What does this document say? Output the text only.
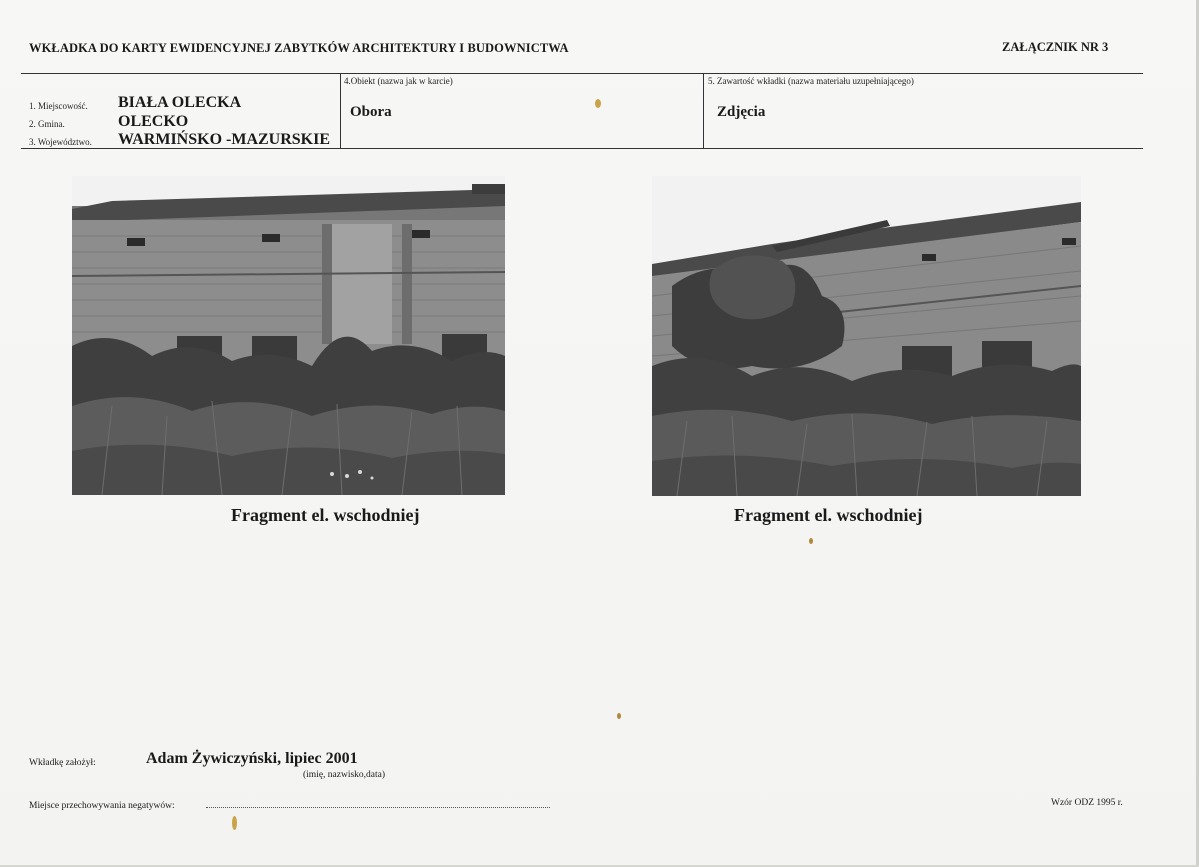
WKŁADKA DO KARTY EWIDENCYJNEJ ZABYTKÓW ARCHITEKTURY I BUDOWNICTWA	ZAŁĄCZNIK NR 3
1. Miejscowość. BIAŁA OLECKA
2. Gmina.	OLECKO
3. Województwo. WARMIŃSKO -MAZURSKIE
4.Obiekt (nazwa jak w karcie)
Obora
5. Zawartość wkładki (nazwa materiału uzupełniającego)
Zdjęcia
Fragment el. wschodniej	Fragment el. wschodniej
Wkładkę założył:	Adam Żywiczyński, lipiec 2001
(imię, nazwisko,data)
Miejsce przechowywania negatywów:	Wzór ODZ 1995 r.
